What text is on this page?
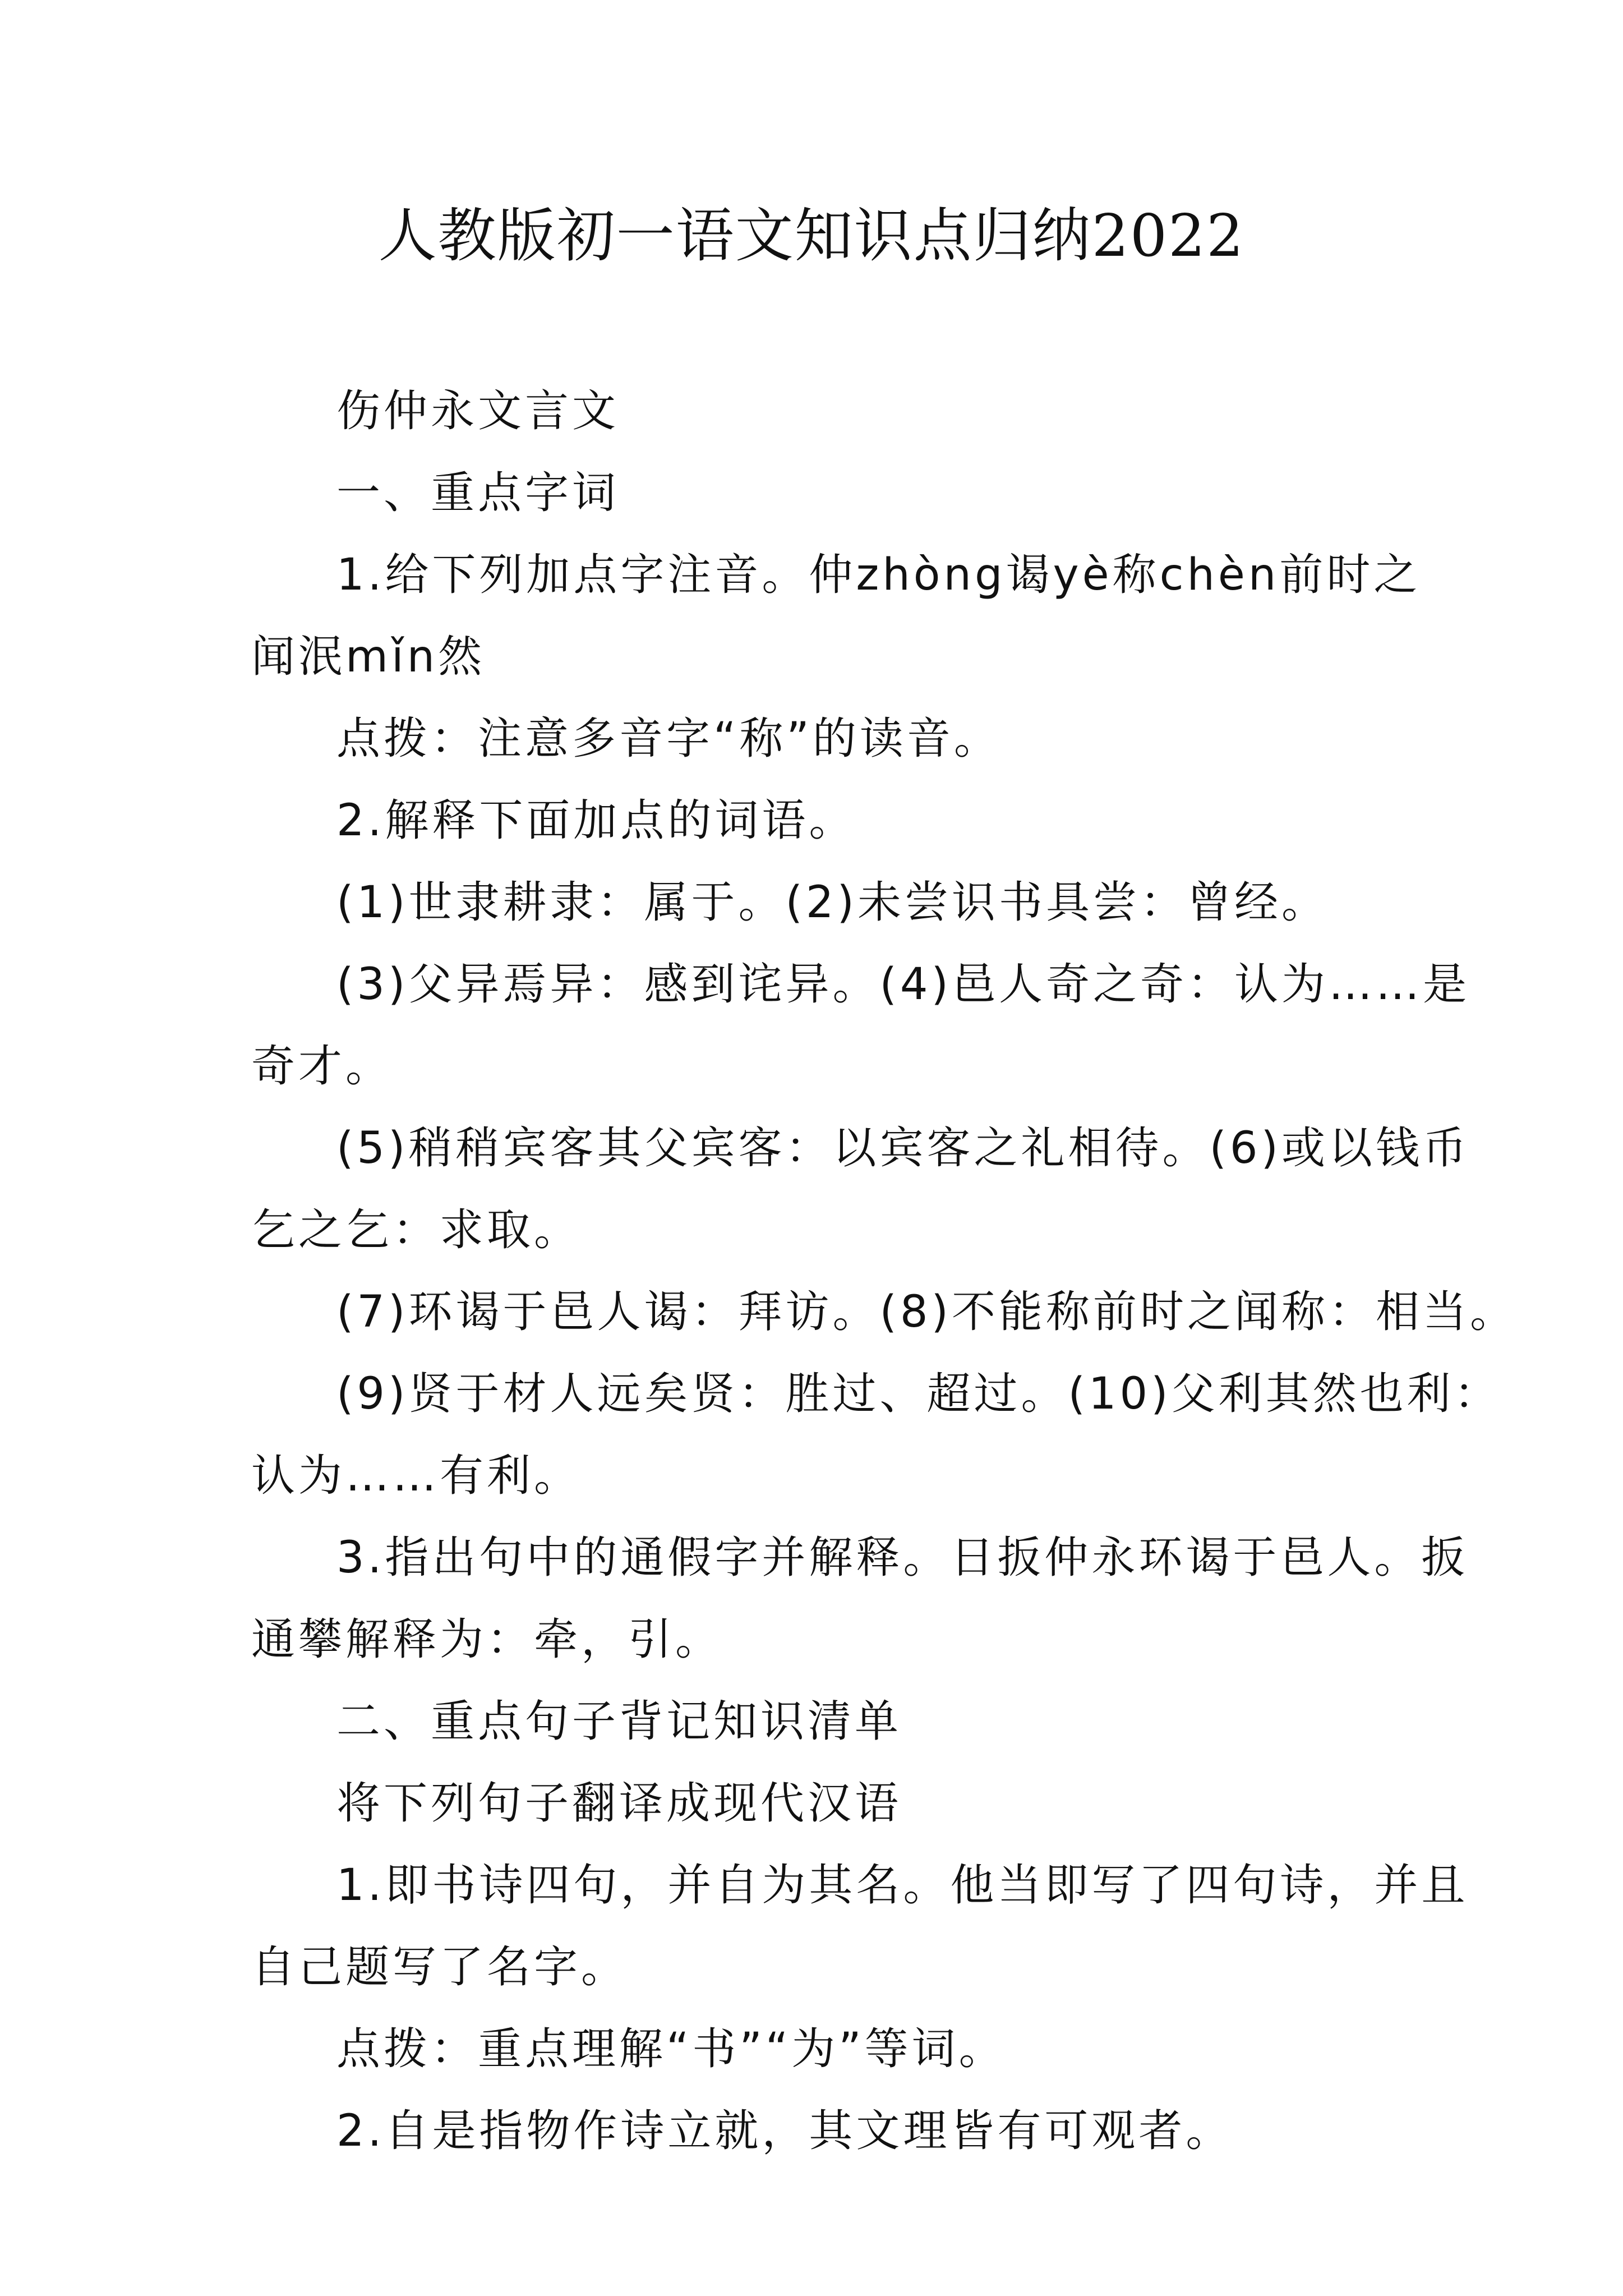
人教版初一语文知识点归纳2022

伤仲永文言文

一、重点字词

1.给下列加点字注音。仲zhòng谒yè称chèn前时之

闻泯mǐn然

点拨：注意多音字“称”的读音。

2.解释下面加点的词语。

(1)世隶耕隶：属于。(2)未尝识书具尝：曾经。

(3)父异焉异：感到诧异。(4)邑人奇之奇：认为……是

奇才。

(5)稍稍宾客其父宾客：以宾客之礼相待。(6)或以钱币

乞之乞：求取。

(7)环谒于邑人谒：拜访。(8)不能称前时之闻称：相当。

(9)贤于材人远矣贤：胜过、超过。(10)父利其然也利：

认为……有利。

3.指出句中的通假字并解释。日扳仲永环谒于邑人。扳

通攀解释为：牵，引。

二、重点句子背记知识清单

将下列句子翻译成现代汉语

1.即书诗四句，并自为其名。他当即写了四句诗，并且

自己题写了名字。

点拨：重点理解“书”“为”等词。

2.自是指物作诗立就，其文理皆有可观者。
